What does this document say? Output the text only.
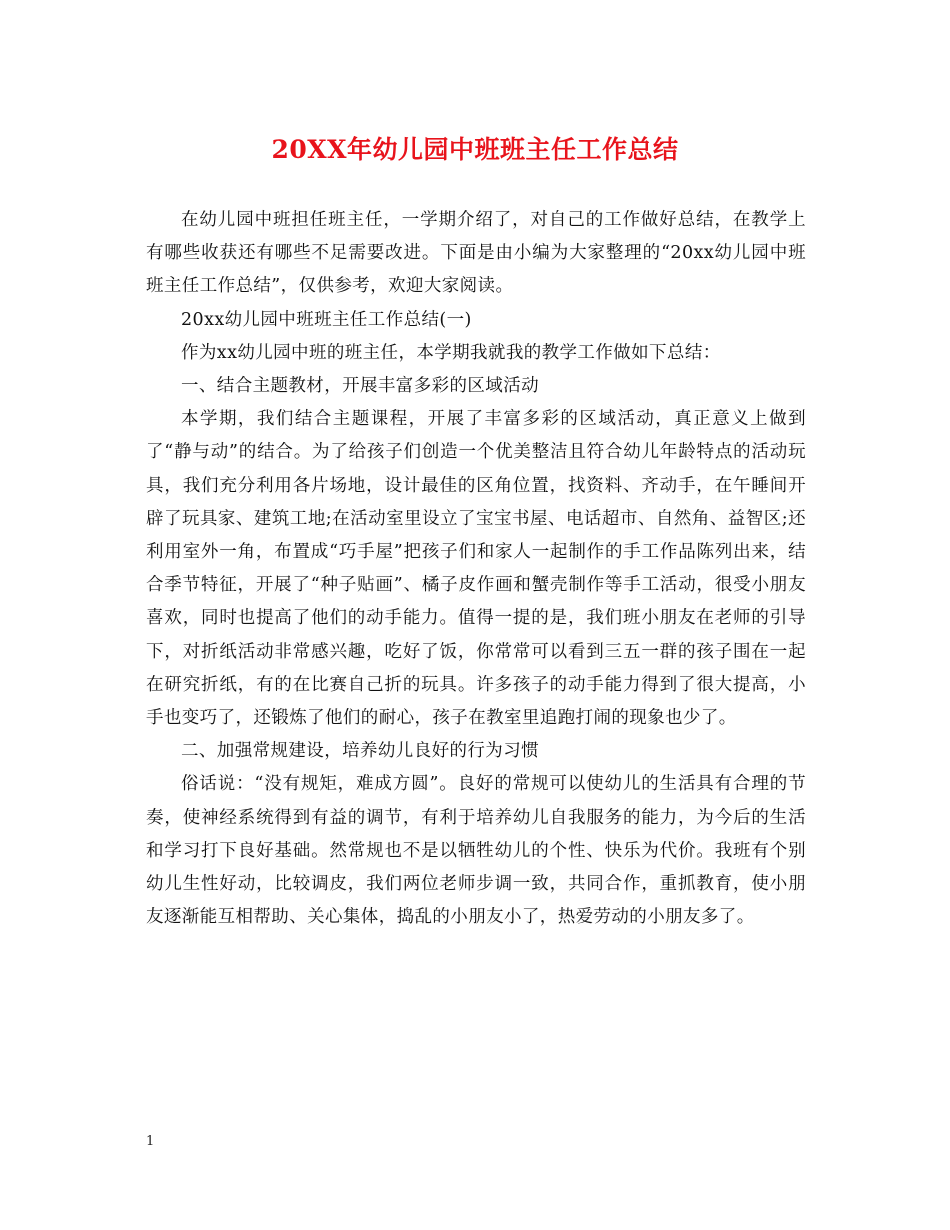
20XX年幼儿园中班班主任工作总结

在幼儿园中班担任班主任，一学期介绍了，对自己的工作做好总结，在教学上有哪些收获还有哪些不足需要改进。下面是由小编为大家整理的“20xx幼儿园中班班主任工作总结”，仅供参考，欢迎大家阅读。

20xx幼儿园中班班主任工作总结(一)

作为xx幼儿园中班的班主任，本学期我就我的教学工作做如下总结：

一、结合主题教材，开展丰富多彩的区域活动

本学期，我们结合主题课程，开展了丰富多彩的区域活动，真正意义上做到了“静与动”的结合。为了给孩子们创造一个优美整洁且符合幼儿年龄特点的活动玩具，我们充分利用各片场地，设计最佳的区角位置，找资料、齐动手，在午睡间开辟了玩具家、建筑工地;在活动室里设立了宝宝书屋、电话超市、自然角、益智区;还利用室外一角，布置成“巧手屋”把孩子们和家人一起制作的手工作品陈列出来，结合季节特征，开展了“种子贴画”、橘子皮作画和蟹壳制作等手工活动，很受小朋友喜欢，同时也提高了他们的动手能力。值得一提的是，我们班小朋友在老师的引导下，对折纸活动非常感兴趣，吃好了饭，你常常可以看到三五一群的孩子围在一起在研究折纸，有的在比赛自己折的玩具。许多孩子的动手能力得到了很大提高，小手也变巧了，还锻炼了他们的耐心，孩子在教室里追跑打闹的现象也少了。

二、加强常规建设，培养幼儿良好的行为习惯

俗话说：“没有规矩，难成方圆”。良好的常规可以使幼儿的生活具有合理的节奏，使神经系统得到有益的调节，有利于培养幼儿自我服务的能力，为今后的生活和学习打下良好基础。然常规也不是以牺牲幼儿的个性、快乐为代价。我班有个别幼儿生性好动，比较调皮，我们两位老师步调一致，共同合作，重抓教育，使小朋友逐渐能互相帮助、关心集体，捣乱的小朋友小了，热爱劳动的小朋友多了。

1
